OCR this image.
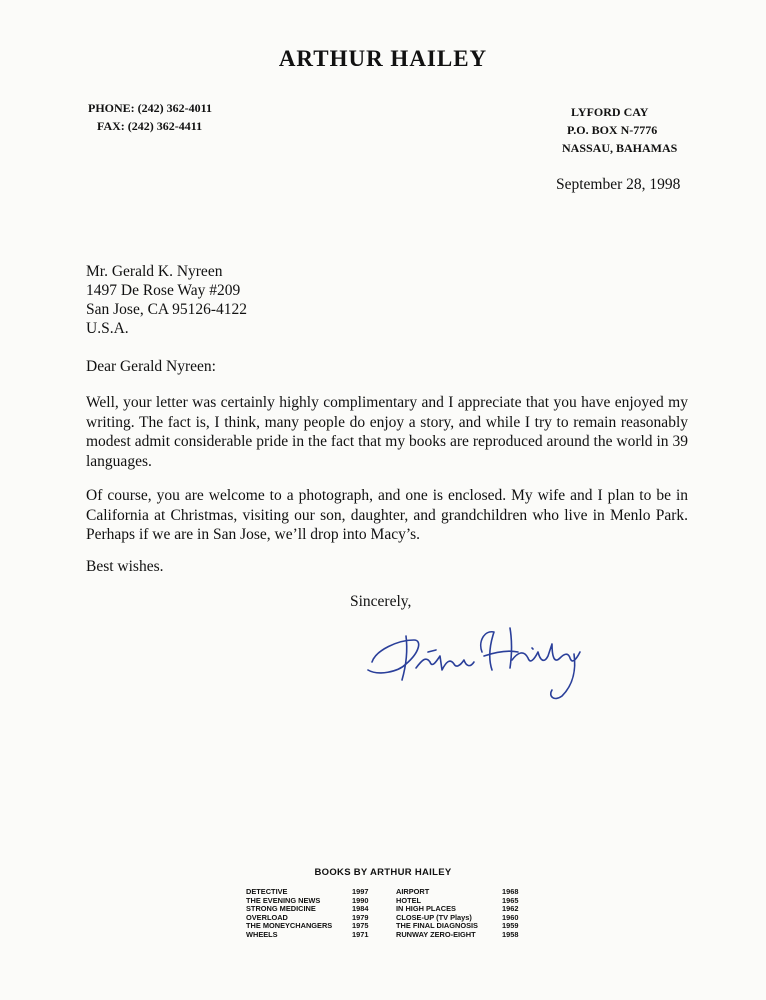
ARTHUR HAILEY
PHONE: (242) 362-4011
FAX: (242) 362-4411
LYFORD CAY
P.O. BOX N-7776
NASSAU, BAHAMAS
September 28, 1998
Mr. Gerald K. Nyreen
1497 De Rose Way #209
San Jose, CA 95126-4122
U.S.A.
Dear Gerald Nyreen:
Well, your letter was certainly highly complimentary and I appreciate that you have enjoyed my writing. The fact is, I think, many people do enjoy a story, and while I try to remain reasonably modest admit considerable pride in the fact that my books are reproduced around the world in 39 languages.
Of course, you are welcome to a photograph, and one is enclosed. My wife and I plan to be in California at Christmas, visiting our son, daughter, and grandchildren who live in Menlo Park. Perhaps if we are in San Jose, we’ll drop into Macy’s.
Best wishes.
Sincerely,
BOOKS BY ARTHUR HAILEY
DETECTIVE	1997
THE EVENING NEWS	1990
STRONG MEDICINE	1984
OVERLOAD	1979
THE MONEYCHANGERS	1975
WHEELS	1971
AIRPORT	1968
HOTEL	1965
IN HIGH PLACES	1962
CLOSE-UP (TV Plays)	1960
THE FINAL DIAGNOSIS	1959
RUNWAY ZERO-EIGHT	1958
